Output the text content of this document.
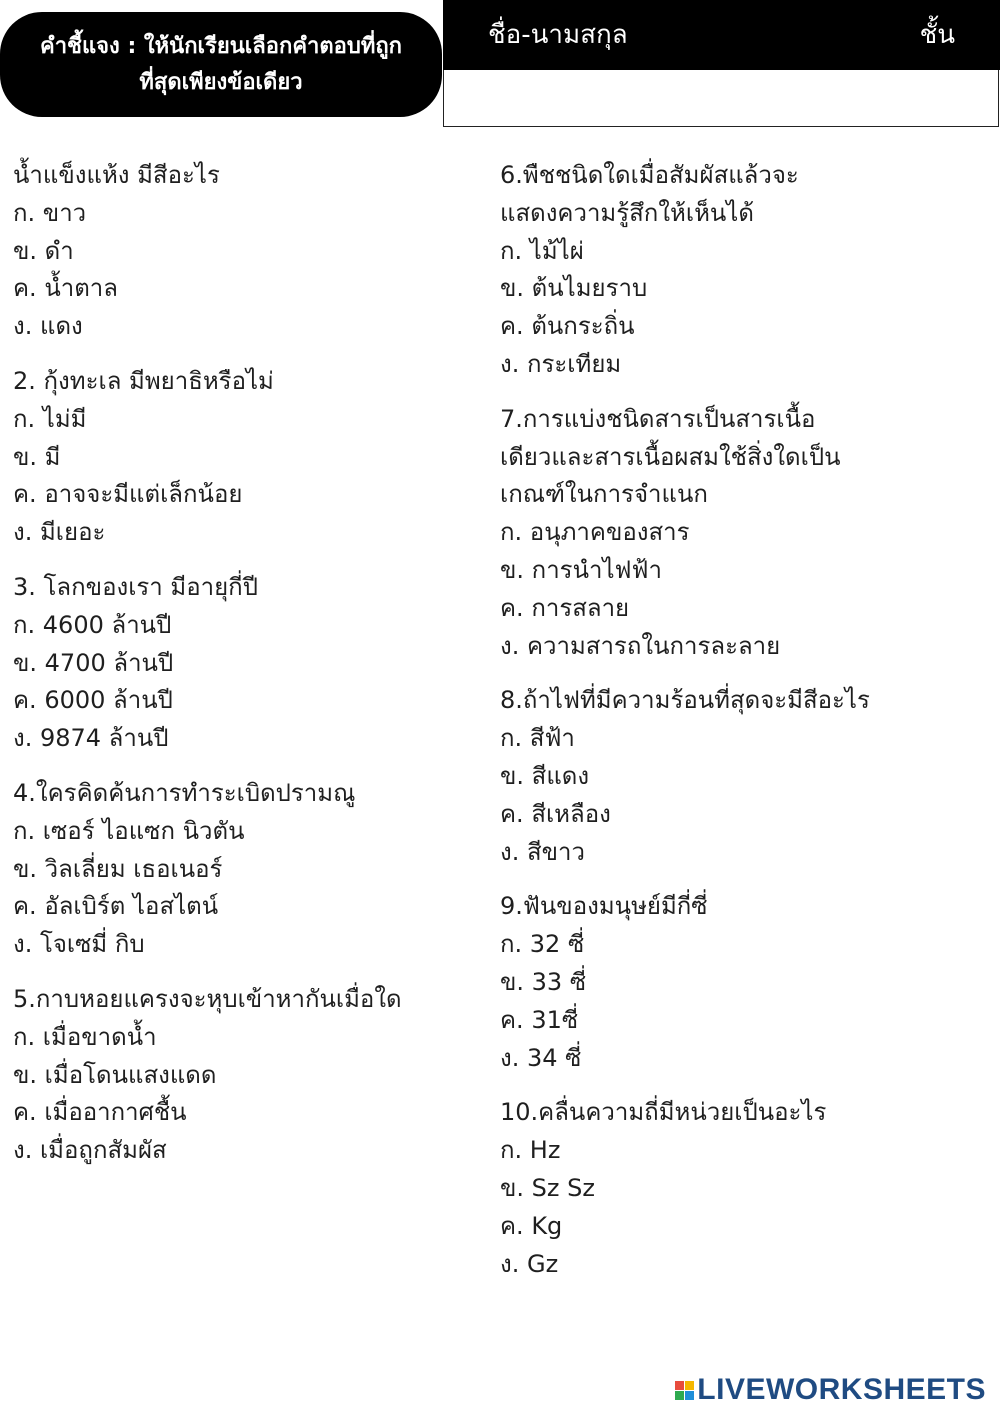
คำชี้แจง : ให้นักเรียนเลือกคำตอบที่ถูก
ที่สุดเพียงข้อเดียว
ชื่อ-นามสกุล	ชั้น
น้ำแข็งแห้ง มีสีอะไร
ก. ขาว
ข. ดำ
ค. น้ำตาล
ง. แดง
2. กุ้งทะเล มีพยาธิหรือไม่
ก. ไม่มี
ข. มี
ค. อาจจะมีแต่เล็กน้อย
ง. มีเยอะ
3. โลกของเรา มีอายุกี่ปี
ก. 4600 ล้านปี
ข. 4700 ล้านปี
ค. 6000 ล้านปี
ง. 9874 ล้านปี
4.ใครคิดค้นการทำระเบิดปรามณู
ก. เซอร์ ไอแซก นิวตัน
ข. วิลเลี่ยม เธอเนอร์
ค. อัลเบิร์ต ไอสไตน์
ง. โจเซมี่ กิบ
5.กาบหอยแครงจะหุบเข้าหากันเมื่อใด
ก. เมื่อขาดน้ำ
ข. เมื่อโดนแสงแดด
ค. เมื่ออากาศชื้น
ง. เมื่อถูกสัมผัส
6.พืชชนิดใดเมื่อสัมผัสแล้วจะ
แสดงความรู้สึกให้เห็นได้
ก. ไม้ไผ่
ข. ต้นไมยราบ
ค. ต้นกระถิ่น
ง. กระเทียม
7.การแบ่งชนิดสารเป็นสารเนื้อ
เดียวและสารเนื้อผสมใช้สิ่งใดเป็น
เกณฑ์ในการจำแนก
ก. อนุภาคของสาร
ข. การนำไฟฟ้า
ค. การสลาย
ง. ความสารถในการละลาย
8.ถ้าไฟที่มีความร้อนที่สุดจะมีสีอะไร
ก. สีฟ้า
ข. สีแดง
ค. สีเหลือง
ง. สีขาว
9.ฟันของมนุษย์มีกี่ซี่
ก. 32 ซี่
ข. 33 ซี่
ค. 31ซี่
ง. 34 ซี่
10.คลื่นความถี่มีหน่วยเป็นอะไร
ก. Hz
ข. Sz Sz
ค. Kg
ง. Gz
LIVEWORKSHEETS
